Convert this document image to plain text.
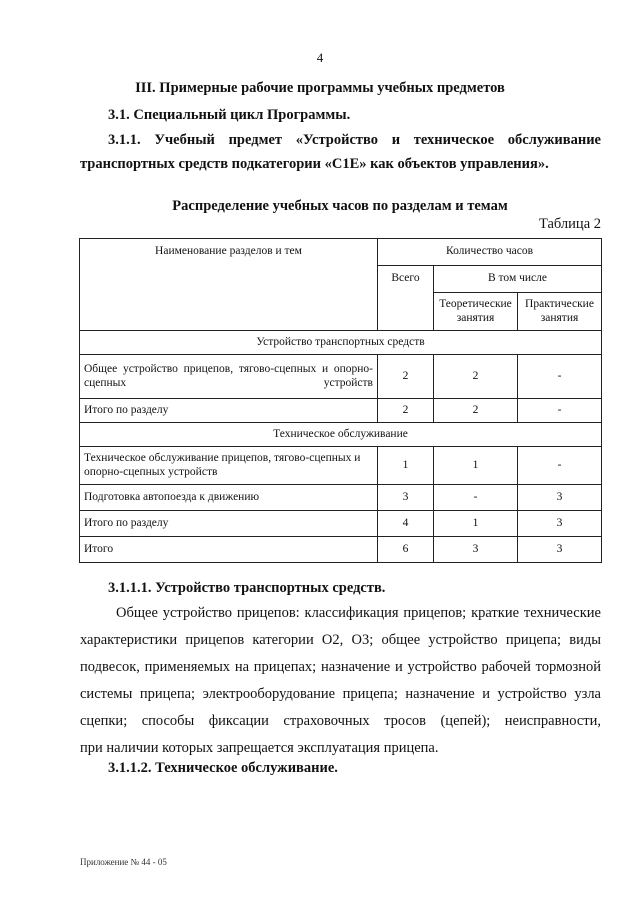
4
III. Примерные рабочие программы учебных предметов
3.1. Специальный цикл Программы.
3.1.1. Учебный предмет «Устройство и техническое обслуживание
транспортных средств подкатегории «С1Е» как объектов управления».
Распределение учебных часов по разделам и темам
Таблица 2
Наименование разделов и тем	Количество часов		
	Всего	В том числе	
		Теоретические занятия	Практические занятия
Устройство транспортных средств			
Общее устройство прицепов, тягово-сцепных и опорно-сцепных устройств	2	2	-
Итого по разделу	2	2	-
Техническое обслуживание			
Техническое обслуживание прицепов, тягово-сцепных и опорно-сцепных устройств	1	1	-
Подготовка автопоезда к движению	3	-	3
Итого по разделу	4	1	3
Итого	6	3	3
3.1.1.1. Устройство транспортных средств.
Общее устройство прицепов: классификация прицепов; краткие технические
характеристики прицепов категории О2, О3; общее устройство прицепа; виды
подвесок, применяемых на прицепах; назначение и устройство рабочей тормозной
системы прицепа; электрооборудование прицепа; назначение и устройство узла
сцепки; способы фиксации страховочных тросов (цепей); неисправности,
при наличии которых запрещается эксплуатация прицепа.
3.1.1.2. Техническое обслуживание.
Приложение № 44 - 05
